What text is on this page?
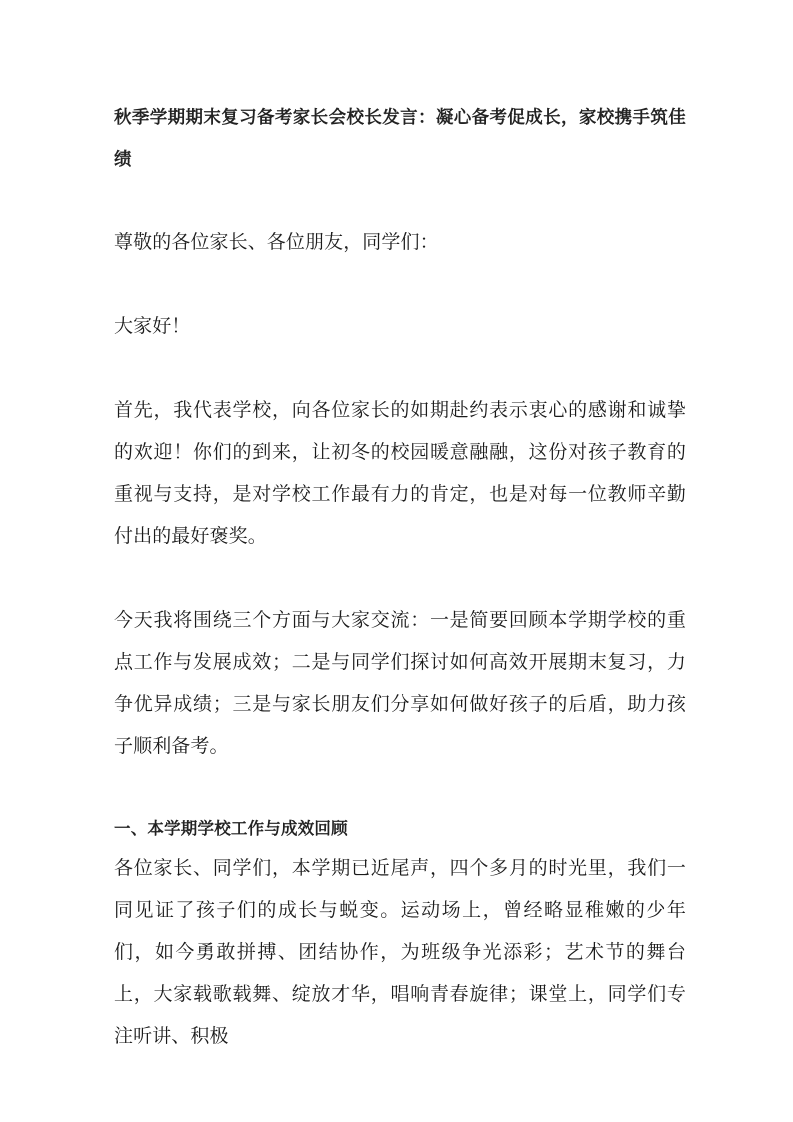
秋季学期期末复习备考家长会校长发言：凝心备考促成长，家校携手筑佳绩

尊敬的各位家长、各位朋友，同学们：

大家好！

首先，我代表学校，向各位家长的如期赴约表示衷心的感谢和诚挚的欢迎！你们的到来，让初冬的校园暖意融融，这份对孩子教育的重视与支持，是对学校工作最有力的肯定，也是对每一位教师辛勤付出的最好褒奖。

今天我将围绕三个方面与大家交流：一是简要回顾本学期学校的重点工作与发展成效；二是与同学们探讨如何高效开展期末复习，力争优异成绩；三是与家长朋友们分享如何做好孩子的后盾，助力孩子顺利备考。

一、本学期学校工作与成效回顾

各位家长、同学们，本学期已近尾声，四个多月的时光里，我们一同见证了孩子们的成长与蜕变。运动场上，曾经略显稚嫩的少年们，如今勇敢拼搏、团结协作，为班级争光添彩；艺术节的舞台上，大家载歌载舞、绽放才华，唱响青春旋律；课堂上，同学们专注听讲、积极
